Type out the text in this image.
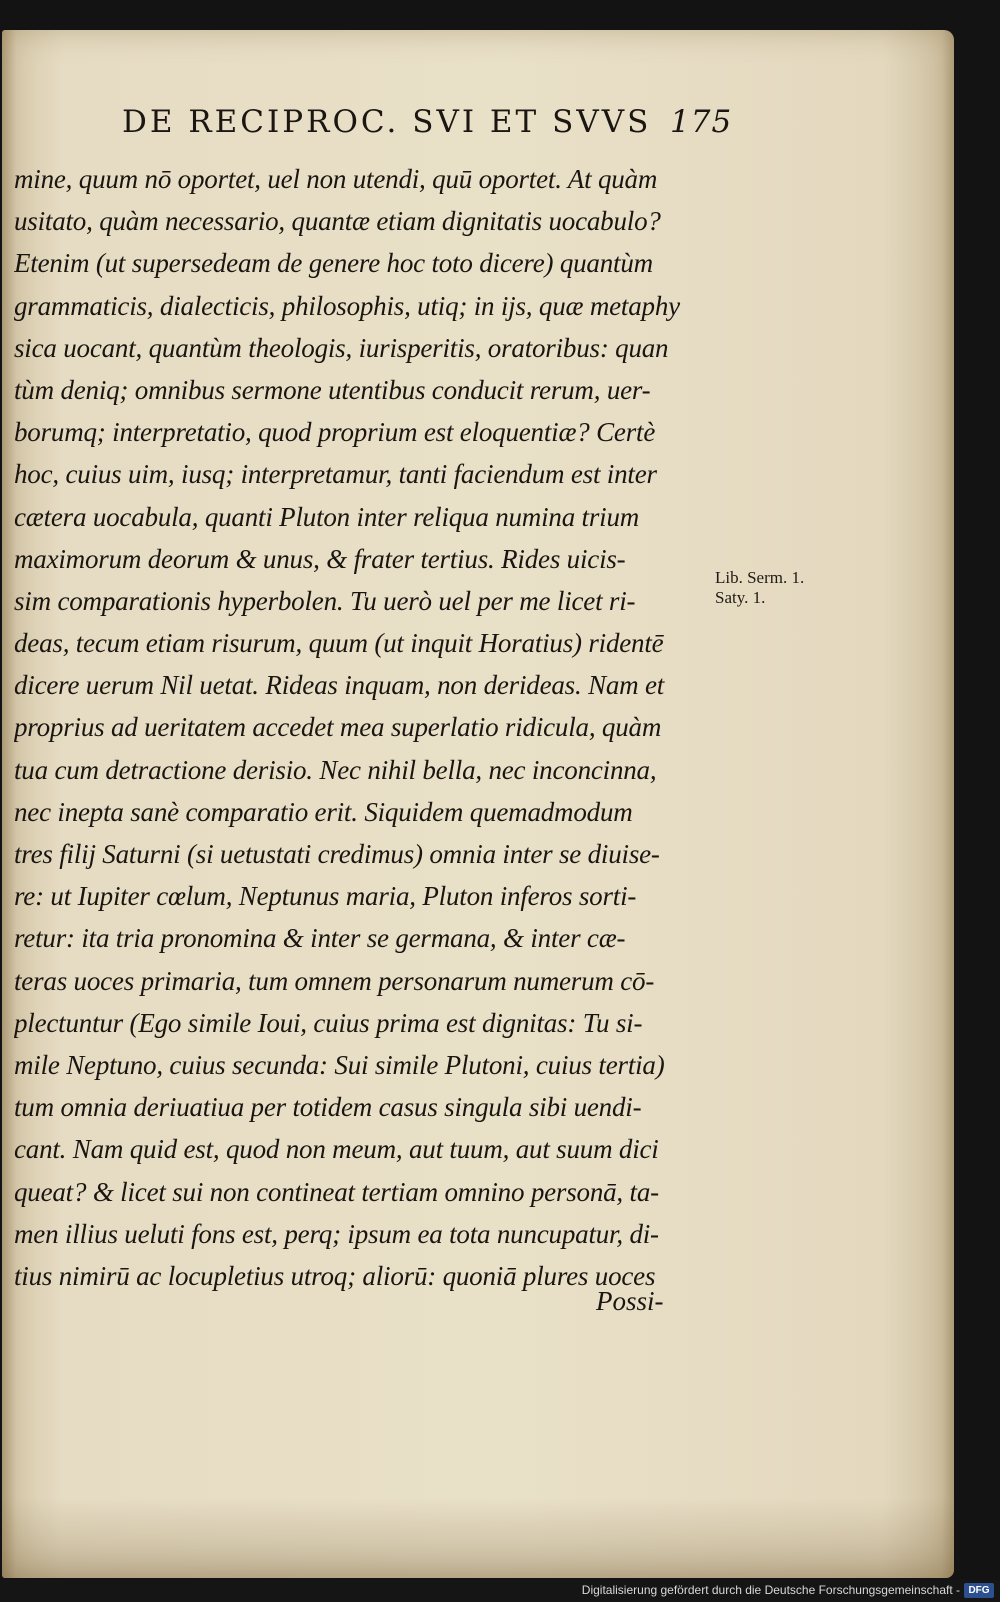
DE RECIPROC. SVI ET SVVS 175
mine, quum nō oportet, uel non utendi, quū oportet. At quàm
usitato, quàm necessario, quantæ etiam dignitatis uocabulo?
Etenim (ut supersedeam de genere hoc toto dicere) quantùm
grammaticis, dialecticis, philosophis, utiq; in ijs, quæ metaphy
sica uocant, quantùm theologis, iurisperitis, oratoribus: quan
tùm deniq; omnibus sermone utentibus conducit rerum, uer-
borumq; interpretatio, quod proprium est eloquentiæ? Certè
hoc, cuius uim, iusq; interpretamur, tanti faciendum est inter
cætera uocabula, quanti Pluton inter reliqua numina trium
maximorum deorum & unus, & frater tertius. Rides uicis-
sim comparationis hyperbolen. Tu uerò uel per me licet ri-
deas, tecum etiam risurum, quum (ut inquit Horatius) ridentē
dicere uerum Nil uetat. Rideas inquam, non derideas. Nam et
proprius ad ueritatem accedet mea superlatio ridicula, quàm
tua cum detractione derisio. Nec nihil bella, nec inconcinna,
nec inepta sanè comparatio erit. Siquidem quemadmodum
tres filij Saturni (si uetustati credimus) omnia inter se diuise-
re: ut Iupiter cœlum, Neptunus maria, Pluton inferos sorti-
retur: ita tria pronomina & inter se germana, & inter cæ-
teras uoces primaria, tum omnem personarum numerum cō-
plectuntur (Ego simile Ioui, cuius prima est dignitas: Tu si-
mile Neptuno, cuius secunda: Sui simile Plutoni, cuius tertia)
tum omnia deriuatiua per totidem casus singula sibi uendi-
cant. Nam quid est, quod non meum, aut tuum, aut suum dici
queat? & licet sui non contineat tertiam omnino personā, ta-
men illius ueluti fons est, perq; ipsum ea tota nuncupatur, di-
tius nimirū ac locupletius utroq; aliorū: quoniā plures uoces
Lib. Serm. 1.
Saty. 1.
Possi-
Digitalisierung gefördert durch die Deutsche Forschungsgemeinschaft - DFG
